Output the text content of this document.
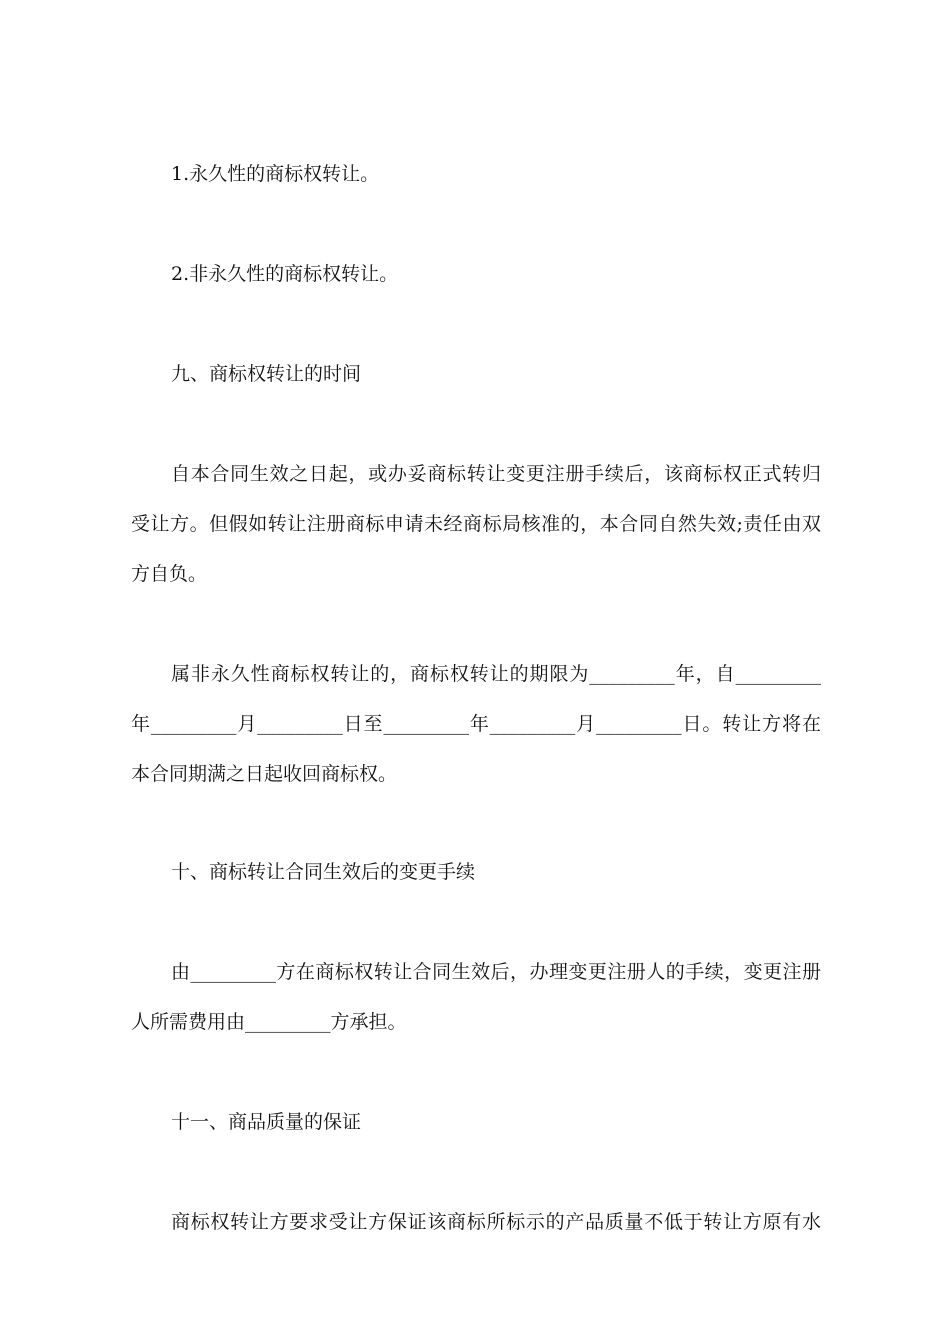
1.永久性的商标权转让。
2.非永久性的商标权转让。
九、商标权转让的时间
自本合同生效之日起，或办妥商标转让变更注册手续后，该商标权正式转归
受让方。但假如转让注册商标申请未经商标局核准的，本合同自然失效;责任由双
方自负。
属非永久性商标权转让的，商标权转让的期限为_________年，自_________
年_________月_________日至_________年_________月_________日。转让方将在
本合同期满之日起收回商标权。
十、商标转让合同生效后的变更手续
由_________方在商标权转让合同生效后，办理变更注册人的手续，变更注册
人所需费用由_________方承担。
十一、商品质量的保证
商标权转让方要求受让方保证该商标所标示的产品质量不低于转让方原有水
